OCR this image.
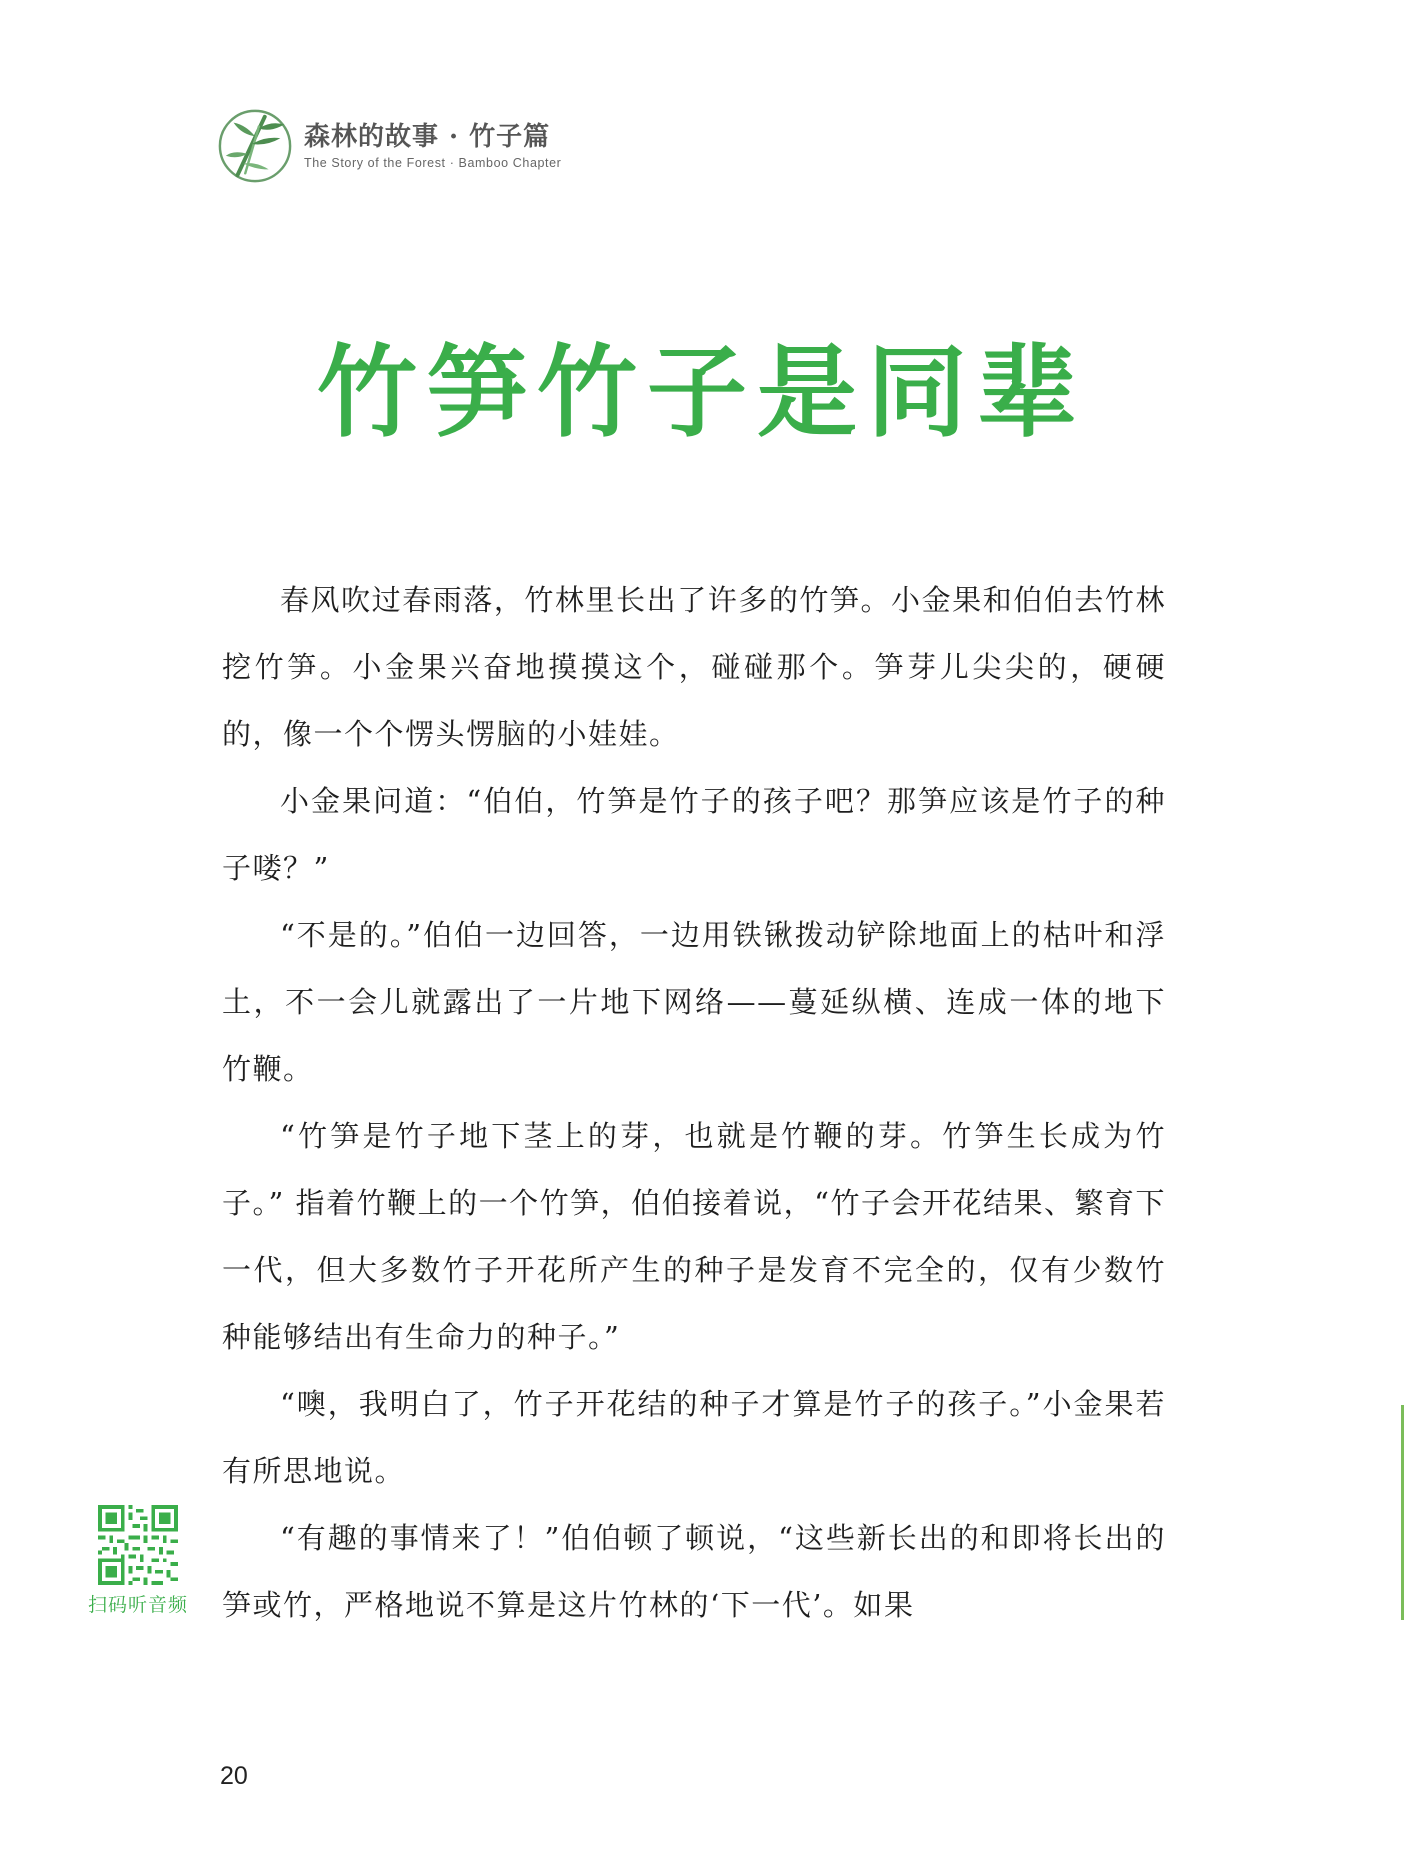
森林的故事 · 竹子篇
The Story of the Forest · Bamboo Chapter
竹笋竹子是同辈

春风吹过春雨落，竹林里长出了许多的竹笋。小金果和伯伯去竹林挖竹笋。小金果兴奋地摸摸这个，碰碰那个。笋芽儿尖尖的，硬硬的，像一个个愣头愣脑的小娃娃。

小金果问道：“伯伯，竹笋是竹子的孩子吧？那笋应该是竹子的种子喽？”

“不是的。”伯伯一边回答，一边用铁锹拨动铲除地面上的枯叶和浮土，不一会儿就露出了一片地下网络——蔓延纵横、连成一体的地下竹鞭。

“竹笋是竹子地下茎上的芽，也就是竹鞭的芽。竹笋生长成为竹子。” 指着竹鞭上的一个竹笋，伯伯接着说，“竹子会开花结果、繁育下一代，但大多数竹子开花所产生的种子是发育不完全的，仅有少数竹种能够结出有生命力的种子。”

“噢，我明白了，竹子开花结的种子才算是竹子的孩子。”小金果若有所思地说。

“有趣的事情来了！”伯伯顿了顿说，“这些新长出的和即将长出的笋或竹，严格地说不算是这片竹林的‘下一代’。如果

扫码听音频
20
